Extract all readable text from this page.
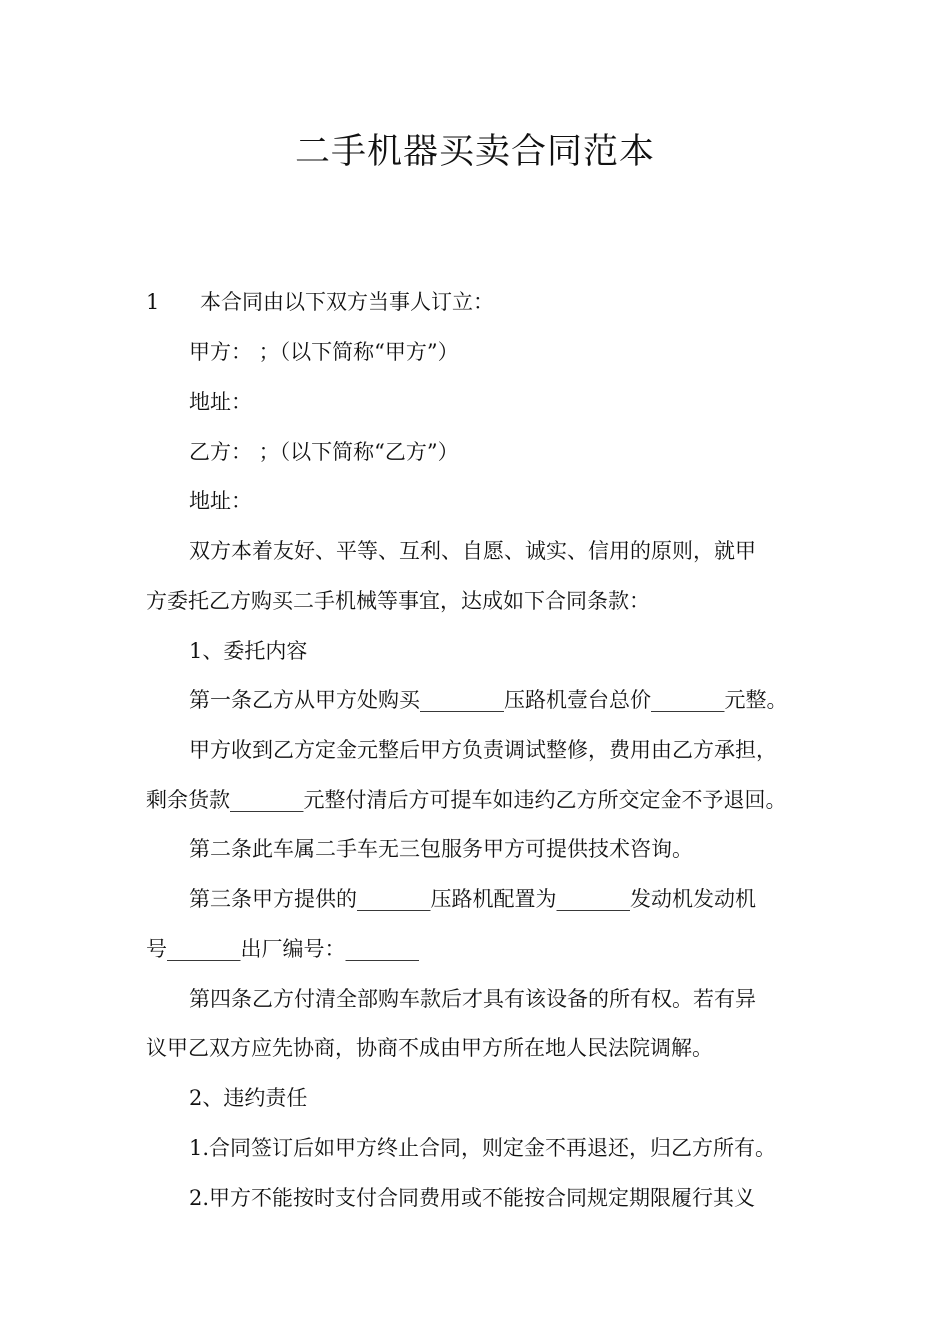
二手机器买卖合同范本
1 本合同由以下双方当事人订立：
甲方： ；（以下简称“甲方”）
地址：
乙方： ；（以下简称“乙方”）
地址：
双方本着友好、平等、互利、自愿、诚实、信用的原则，就甲
方委托乙方购买二手机械等事宜，达成如下合同条款：
1、委托内容
第一条乙方从甲方处购买________压路机壹台总价_______元整。
甲方收到乙方定金元整后甲方负责调试整修，费用由乙方承担，
剩余货款_______元整付清后方可提车如违约乙方所交定金不予退回。
第二条此车属二手车无三包服务甲方可提供技术咨询。
第三条甲方提供的_______压路机配置为_______发动机发动机
号_______出厂编号：_______
第四条乙方付清全部购车款后才具有该设备的所有权。若有异
议甲乙双方应先协商，协商不成由甲方所在地人民法院调解。
2、违约责任
1.合同签订后如甲方终止合同，则定金不再退还，归乙方所有。
2.甲方不能按时支付合同费用或不能按合同规定期限履行其义
